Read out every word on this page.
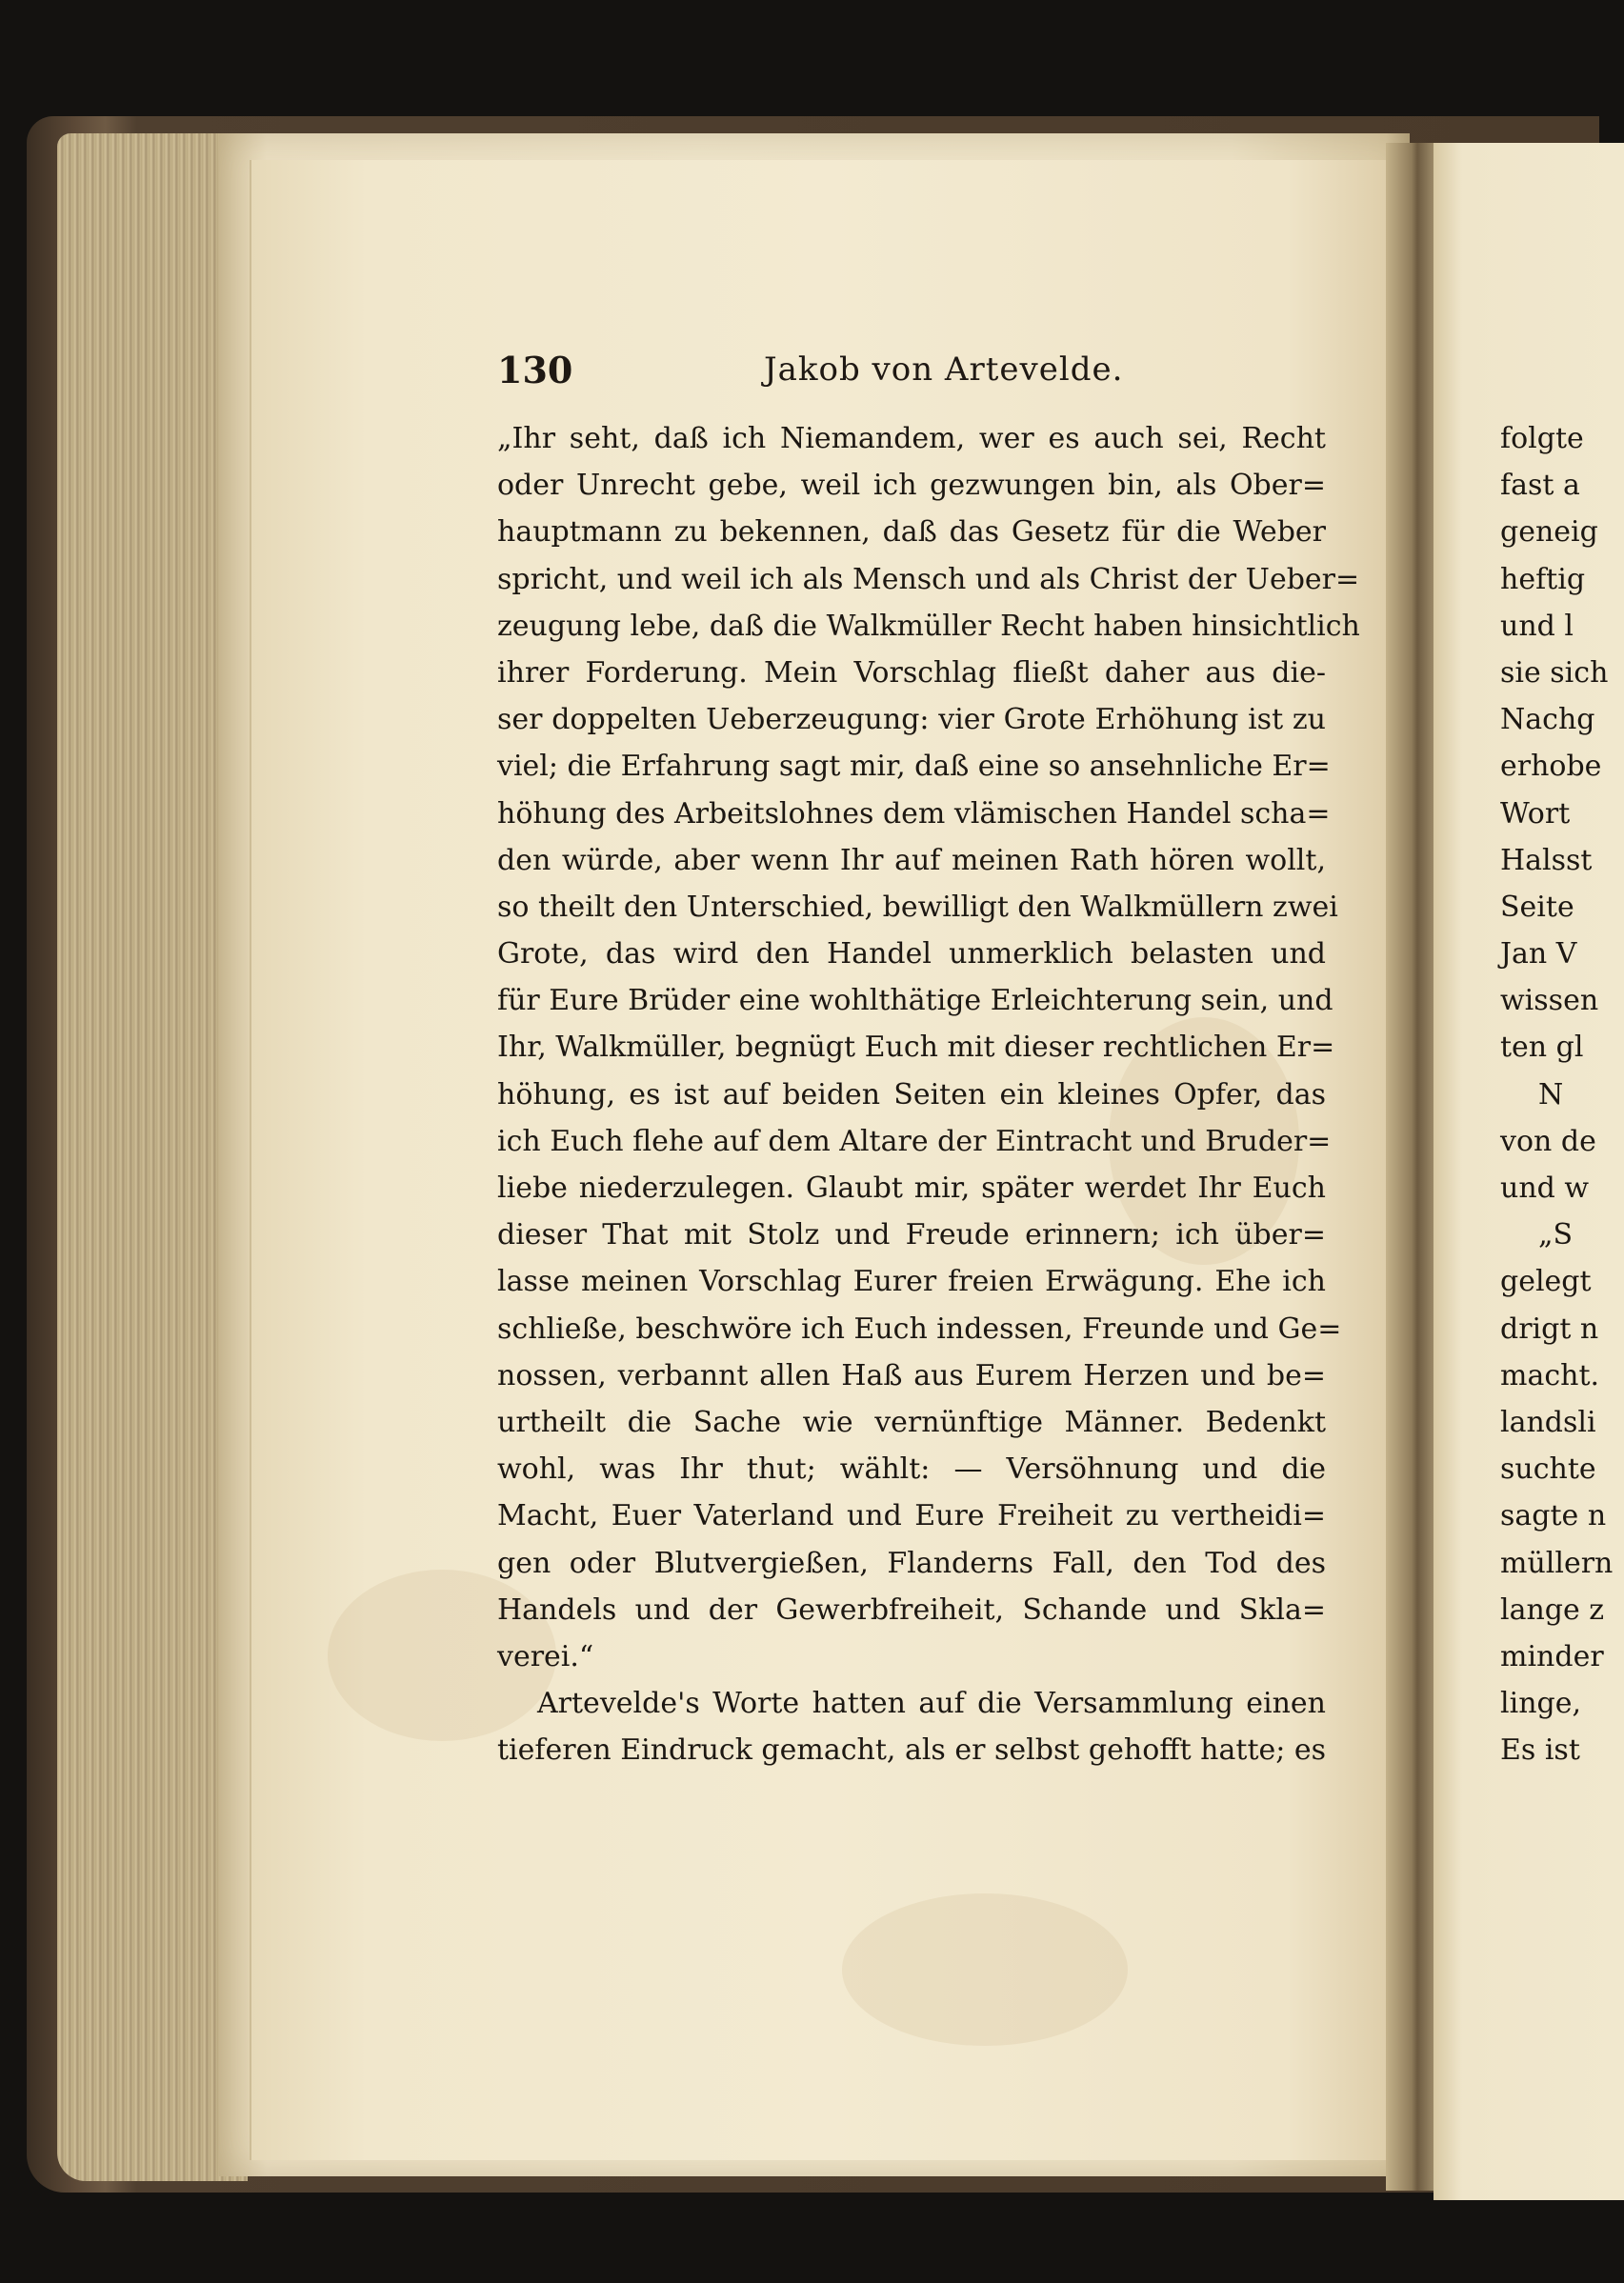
130	Jakob von Artevelde.
„Ihr seht, daß ich Niemandem, wer es auch sei, Recht
oder Unrecht gebe, weil ich gezwungen bin, als Ober=
hauptmann zu bekennen, daß das Gesetz für die Weber
spricht, und weil ich als Mensch und als Christ der Ueber=
zeugung lebe, daß die Walkmüller Recht haben hinsichtlich
ihrer Forderung. Mein Vorschlag fließt daher aus die-
ser doppelten Ueberzeugung: vier Grote Erhöhung ist zu
viel; die Erfahrung sagt mir, daß eine so ansehnliche Er=
höhung des Arbeitslohnes dem vlämischen Handel scha=
den würde, aber wenn Ihr auf meinen Rath hören wollt,
so theilt den Unterschied, bewilligt den Walkmüllern zwei
Grote, das wird den Handel unmerklich belasten und
für Eure Brüder eine wohlthätige Erleichterung sein, und
Ihr, Walkmüller, begnügt Euch mit dieser rechtlichen Er=
höhung, es ist auf beiden Seiten ein kleines Opfer, das
ich Euch flehe auf dem Altare der Eintracht und Bruder=
liebe niederzulegen. Glaubt mir, später werdet Ihr Euch
dieser That mit Stolz und Freude erinnern; ich über=
lasse meinen Vorschlag Eurer freien Erwägung. Ehe ich
schließe, beschwöre ich Euch indessen, Freunde und Ge=
nossen, verbannt allen Haß aus Eurem Herzen und be=
urtheilt die Sache wie vernünftige Männer. Bedenkt
wohl, was Ihr thut; wählt: — Versöhnung und die
Macht, Euer Vaterland und Eure Freiheit zu vertheidi=
gen oder Blutvergießen, Flanderns Fall, den Tod des
Handels und der Gewerbfreiheit, Schande und Skla=
verei.“
Artevelde's Worte hatten auf die Versammlung einen
tieferen Eindruck gemacht, als er selbst gehofft hatte; es
folgte
fast a
geneig
heftig
und l
sie sich
Nachg
erhobe
Wort
Halsst
Seite
Jan V
wissen
ten gl
N
von de
und w
„S
gelegt
drigt n
macht.
landsli
suchte
sagte n
müllern
lange z
minder
linge,
Es ist
